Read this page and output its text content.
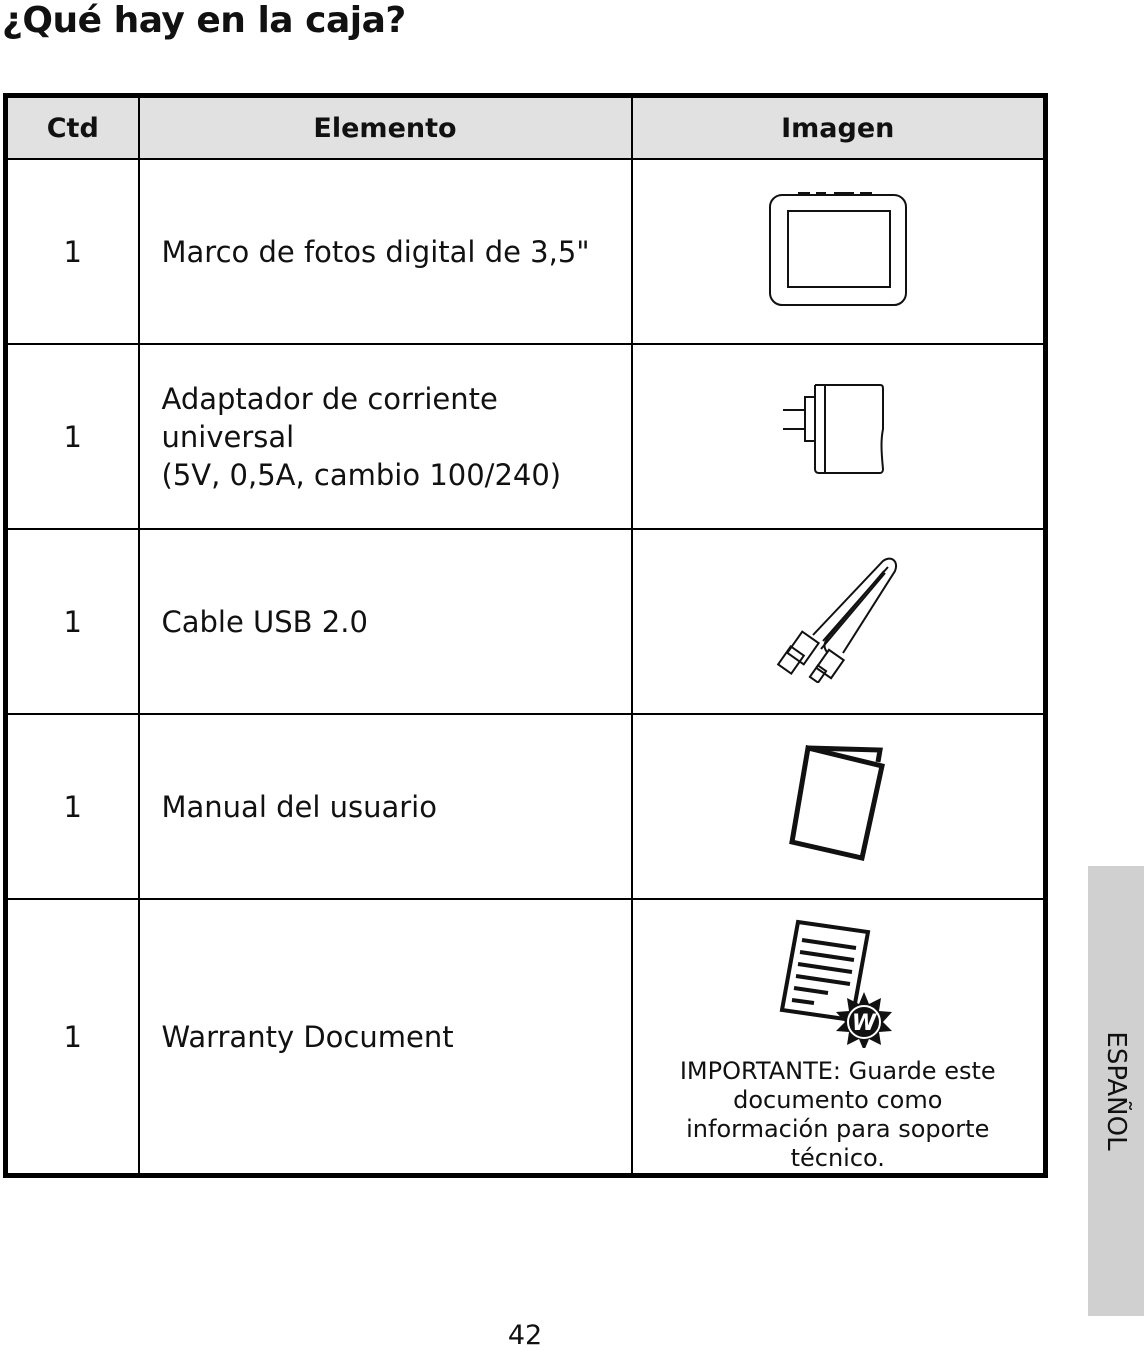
¿Qué hay en la caja?
Ctd	Elemento	Imagen
1	Marco de fotos digital de 3,5"	
1	Adaptador de corriente universal
(5V, 0,5A, cambio 100/240)

1	Cable USB 2.0	
1	Manual del usuario	
1	Warranty Document	W
IMPORTANTE: Guarde este documento como información para soporte técnico.
ESPAÑOL
42
